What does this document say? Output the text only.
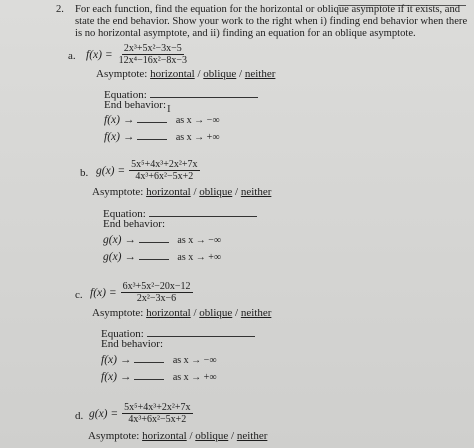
2. For each function, find the equation for the horizontal or oblique asymptote if it exists, and
state the end behavior. Show your work to the right when i) finding end behavior when there
is no horizontal asymptote, and ii) finding an equation for an oblique asymptote.
a. $f(x) = \frac{\text{2x³+5x²−3x−5}}{\text{12x⁴−16x²−8x−3}}$
Asymptote: horizontal / oblique / neither
Equation:
End behavior: I
f(x) →	as x → −∞
f(x) →	as x → +∞
b. $g(x) = \frac{\text{5x⁵+4x³+2x²+7x}}{\text{4x³+6x²−5x+2}}$
Asymptote: horizontal / oblique / neither
Equation:
End behavior:
g(x) →	as x → −∞
g(x) →	as x → +∞
c. $f(x) = \frac{\text{6x³+5x²−20x−12}}{\text{2x²−3x−6}}$
Asymptote: horizontal / oblique / neither
Equation:
End behavior:
f(x) →	as x → −∞
f(x) →	as x → +∞
d. $g(x) = \frac{\text{5x⁵+4x³+2x²+7x}}{\text{4x³+6x²−5x+2}}$
Asymptote: horizontal / oblique / neither
